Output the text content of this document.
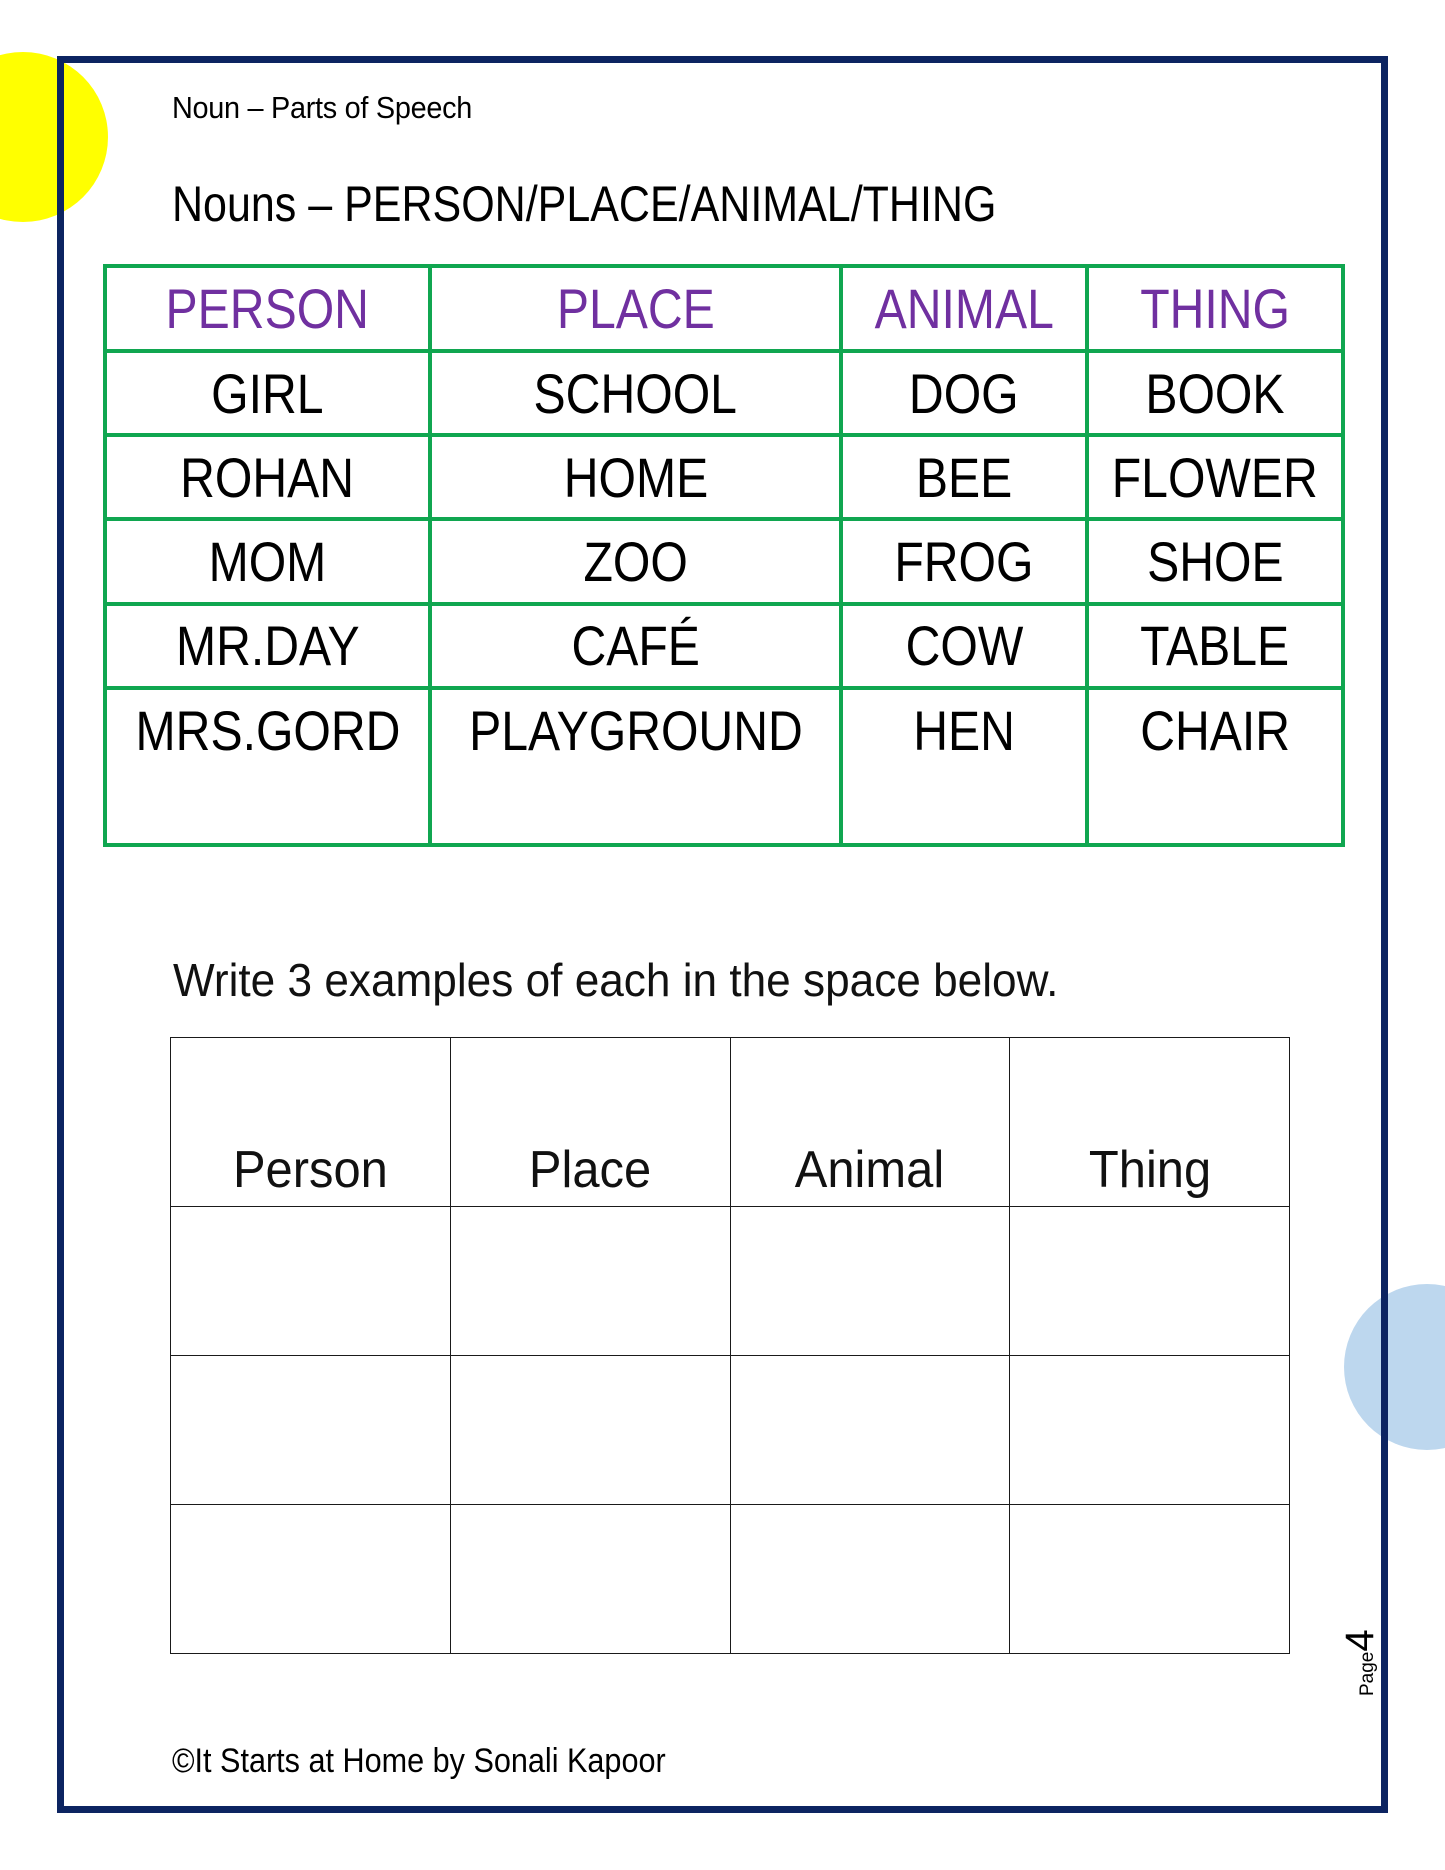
Noun – Parts of Speech
Nouns – PERSON/PLACE/ANIMAL/THING
PERSON	PLACE	ANIMAL	THING
GIRL	SCHOOL	DOG	BOOK
ROHAN	HOME	BEE	FLOWER
MOM	ZOO	FROG	SHOE
MR.DAY	CAFÉ	COW	TABLE
MRS.GORD	PLAYGROUND	HEN	CHAIR
Write 3 examples of each in the space below.
Person	Place	Animal	Thing

©It Starts at Home by Sonali Kapoor
Page4
